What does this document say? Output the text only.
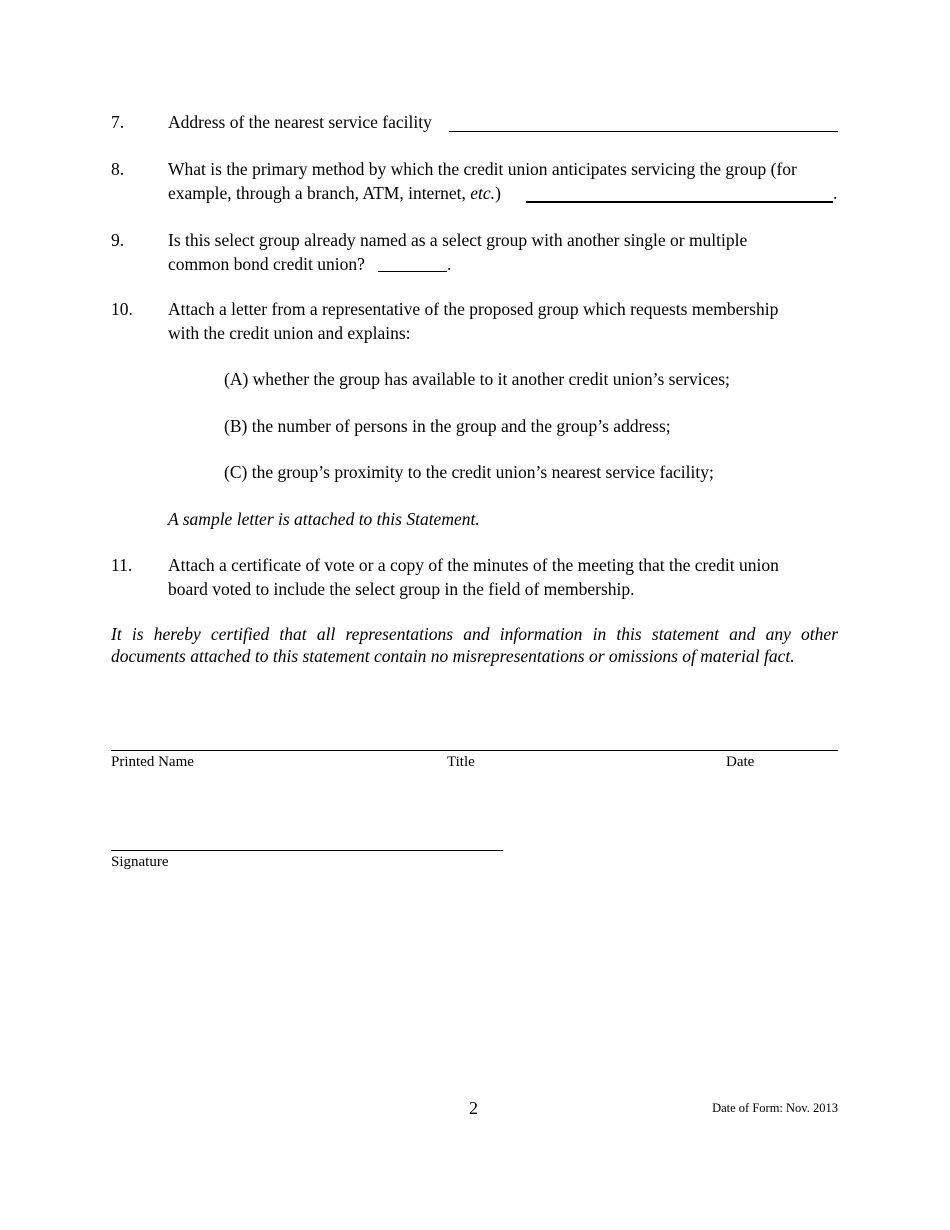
7.	Address of the nearest service facility
8.	What is the primary method by which the credit union anticipates servicing the group (for
example, through a branch, ATM, internet, etc.)	.
9.	Is this select group already named as a select group with another single or multiple
common bond credit union?	.
10. Attach a letter from a representative of the proposed group which requests membership
with the credit union and explains:
(A) whether the group has available to it another credit union’s services;
(B) the number of persons in the group and the group’s address;
(C) the group’s proximity to the credit union’s nearest service facility;
A sample letter is attached to this Statement.
11. Attach a certificate of vote or a copy of the minutes of the meeting that the credit union
board voted to include the select group in the field of membership.
It is hereby certified that all representations and information in this statement and any other
documents attached to this statement contain no misrepresentations or omissions of material fact.
Printed Name	Title	Date
Signature
2	Date of Form: Nov. 2013
